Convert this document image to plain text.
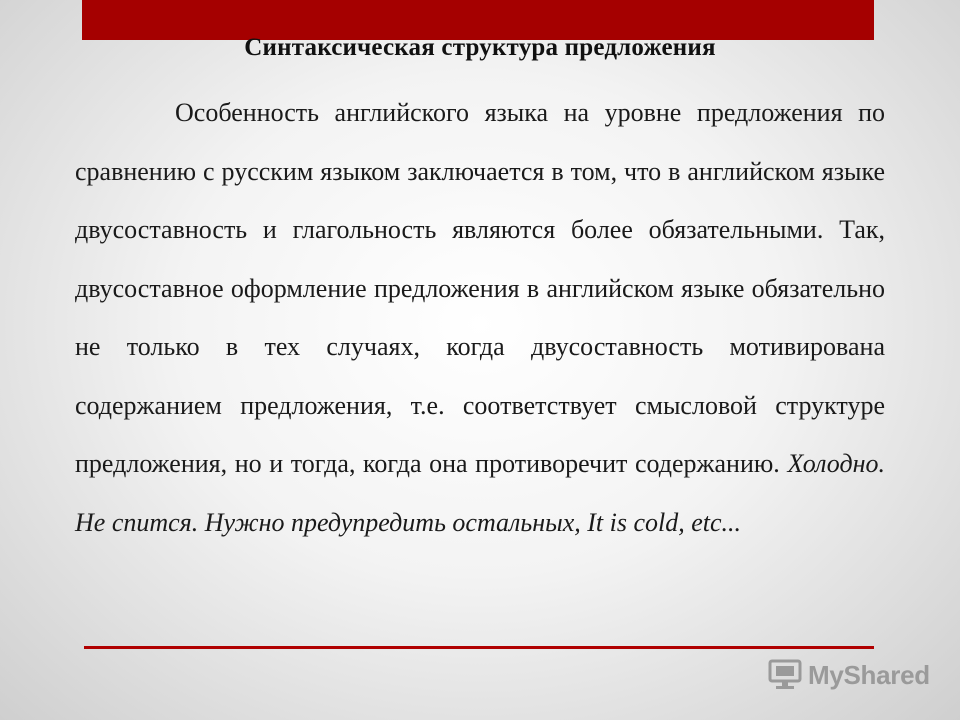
Синтаксическая структура предложения

Особенность английского языка на уровне предложения по сравнению с русским языком заключается в том, что в английском языке двусоставность и глагольность являются более обязательными. Так, двусоставное оформление предложения в английском языке обязательно не только в тех случаях, когда двусоставность мотивирована содержанием предложения, т.е. соответствует смысловой структуре предложения, но и тогда, когда она противоречит содержанию. Холодно. Не спится. Нужно предупредить остальных, It is cold, etc...

MyShared
